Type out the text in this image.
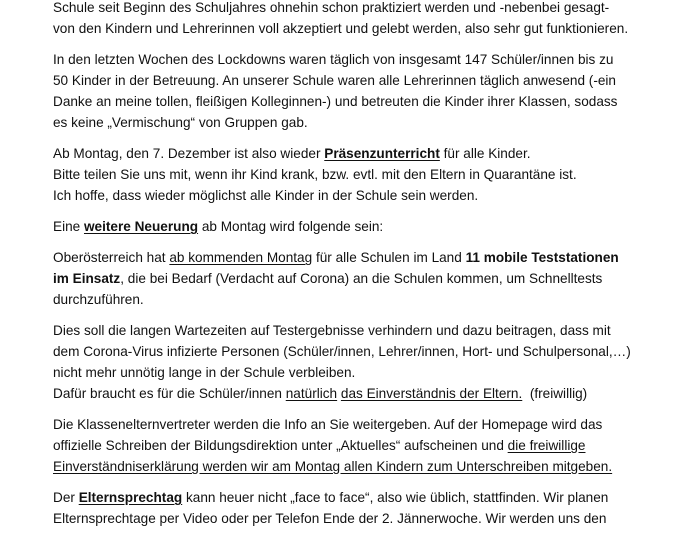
Schule seit Beginn des Schuljahres ohnehin schon praktiziert werden und -nebenbei gesagt-
von den Kindern und Lehrerinnen voll akzeptiert und gelebt werden, also sehr gut funktionieren.
In den letzten Wochen des Lockdowns waren täglich von insgesamt 147 Schüler/innen bis zu
50 Kinder in der Betreuung. An unserer Schule waren alle Lehrerinnen täglich anwesend (-ein
Danke an meine tollen, fleißigen Kolleginnen-) und betreuten die Kinder ihrer Klassen, sodass
es keine „Vermischung“ von Gruppen gab.
Ab Montag, den 7. Dezember ist also wieder Präsenzunterricht für alle Kinder.
Bitte teilen Sie uns mit, wenn ihr Kind krank, bzw. evtl. mit den Eltern in Quarantäne ist.
Ich hoffe, dass wieder möglichst alle Kinder in der Schule sein werden.
Eine weitere Neuerung ab Montag wird folgende sein:
Oberösterreich hat ab kommenden Montag für alle Schulen im Land 11 mobile Teststationen
im Einsatz, die bei Bedarf (Verdacht auf Corona) an die Schulen kommen, um Schnelltests
durchzuführen.
Dies soll die langen Wartezeiten auf Testergebnisse verhindern und dazu beitragen, dass mit
dem Corona-Virus infizierte Personen (Schüler/innen, Lehrer/innen, Hort- und Schulpersonal,…)
nicht mehr unnötig lange in der Schule verbleiben.
Dafür braucht es für die Schüler/innen natürlich das Einverständnis der Eltern.  (freiwillig)
Die Klassenelternvertreter werden die Info an Sie weitergeben. Auf der Homepage wird das
offizielle Schreiben der Bildungsdirektion unter „Aktuelles“ aufscheinen und die freiwillige
Einverständniserklärung werden wir am Montag allen Kindern zum Unterschreiben mitgeben.
Der Elternsprechtag kann heuer nicht „face to face“, also wie üblich, stattfinden. Wir planen
Elternsprechtage per Video oder per Telefon Ende der 2. Jännerwoche. Wir werden uns den
